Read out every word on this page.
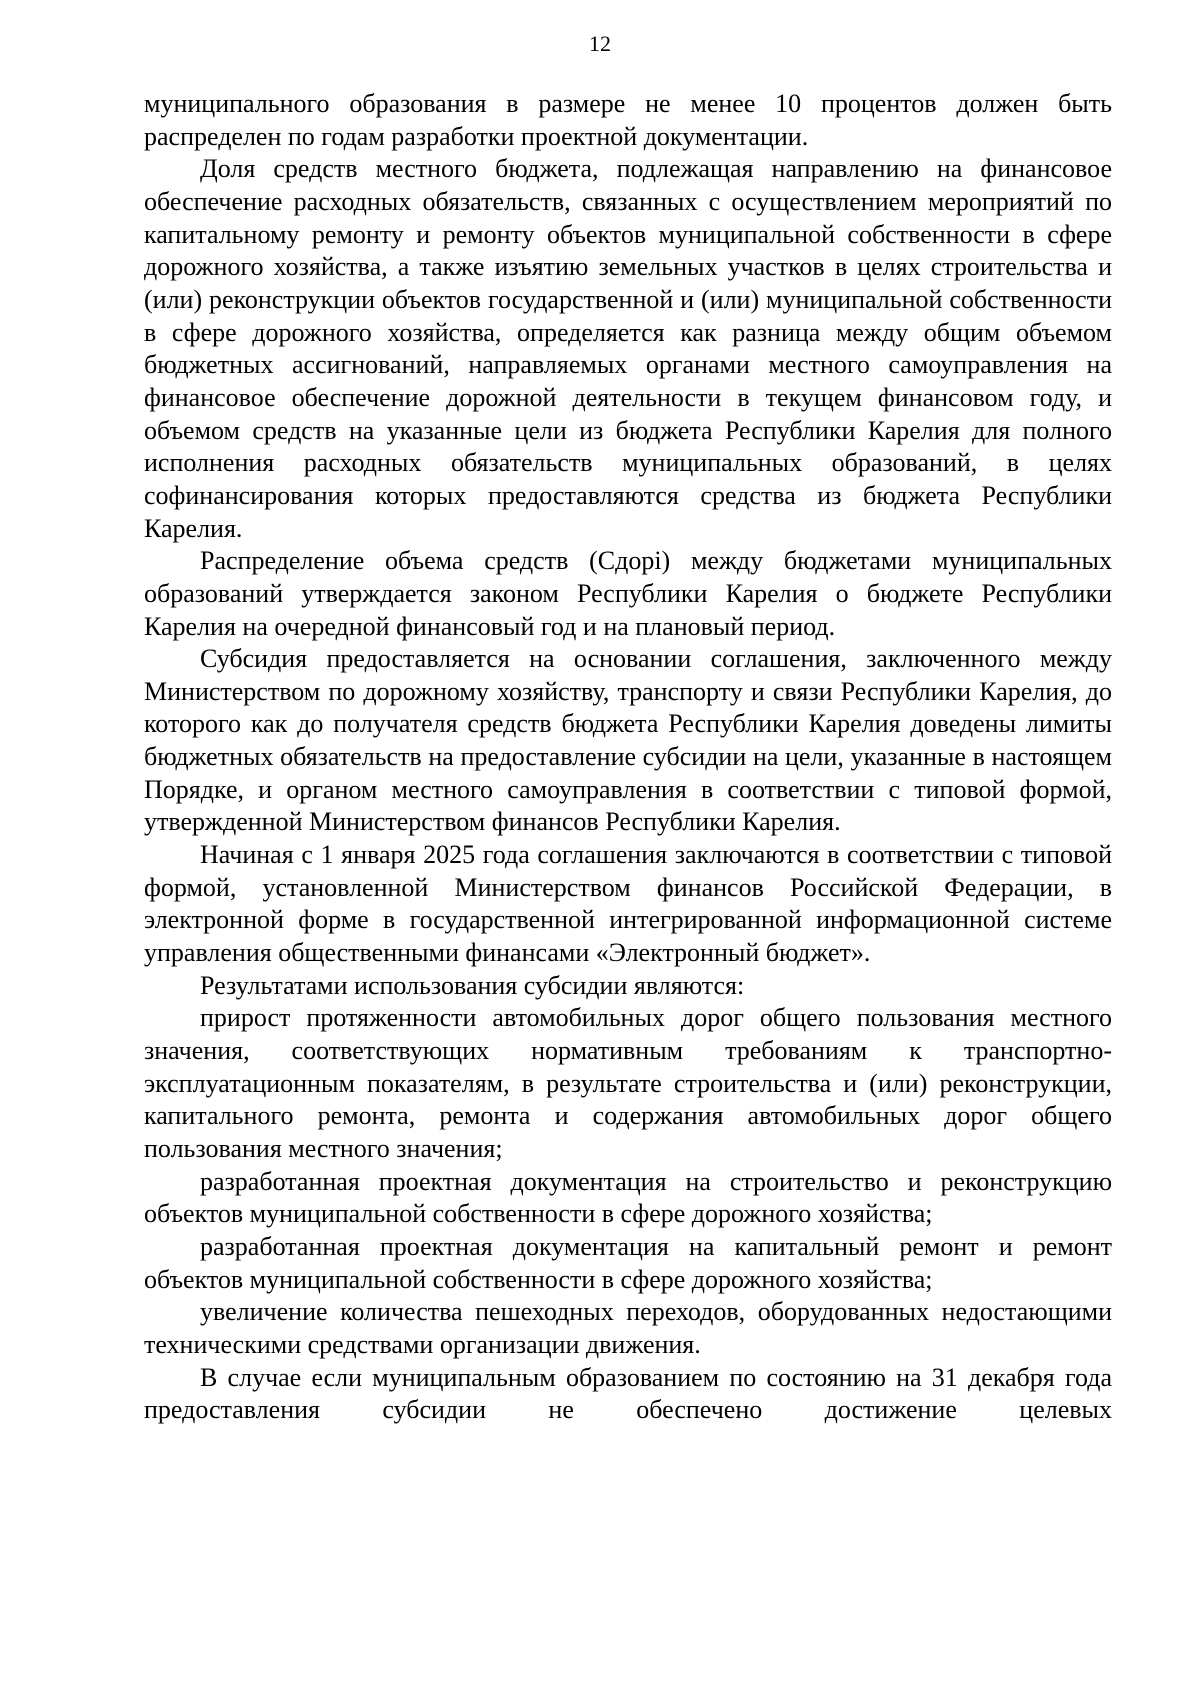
12

муниципального образования в размере не менее 10 процентов должен быть распределен по годам разработки проектной документации.

Доля средств местного бюджета, подлежащая направлению на финансовое обеспечение расходных обязательств, связанных с осуществлением мероприятий по капитальному ремонту и ремонту объектов муниципальной собственности в сфере дорожного хозяйства, а также изъятию земельных участков в целях строительства и (или) реконструкции объектов государственной и (или) муниципальной собственности в сфере дорожного хозяйства, определяется как разница между общим объемом бюджетных ассигнований, направляемых органами местного самоуправления на финансовое обеспечение дорожной деятельности в текущем финансовом году, и объемом средств на указанные цели из бюджета Республики Карелия для полного исполнения расходных обязательств муниципальных образований, в целях софинансирования которых предоставляются средства из бюджета Республики Карелия.

Распределение объема средств (Сдорi) между бюджетами муниципальных образований утверждается законом Республики Карелия о бюджете Республики Карелия на очередной финансовый год и на плановый период.

Субсидия предоставляется на основании соглашения, заключенного между Министерством по дорожному хозяйству, транспорту и связи Республики Карелия, до которого как до получателя средств бюджета Республики Карелия доведены лимиты бюджетных обязательств на предоставление субсидии на цели, указанные в настоящем Порядке, и органом местного самоуправления в соответствии с типовой формой, утвержденной Министерством финансов Республики Карелия.

Начиная с 1 января 2025 года соглашения заключаются в соответствии с типовой формой, установленной Министерством финансов Российской Федерации, в электронной форме в государственной интегрированной информационной системе управления общественными финансами «Электронный бюджет».

Результатами использования субсидии являются:

прирост протяженности автомобильных дорог общего пользования местного значения, соответствующих нормативным требованиям к транспортно-эксплуатационным показателям, в результате строительства и (или) реконструкции, капитального ремонта, ремонта и содержания автомобильных дорог общего пользования местного значения;

разработанная проектная документация на строительство и реконструкцию объектов муниципальной собственности в сфере дорожного хозяйства;

разработанная проектная документация на капитальный ремонт и ремонт объектов муниципальной собственности в сфере дорожного хозяйства;

увеличение количества пешеходных переходов, оборудованных недостающими техническими средствами организации движения.

В случае если муниципальным образованием по состоянию на 31 декабря года предоставления субсидии не обеспечено достижение целевых
